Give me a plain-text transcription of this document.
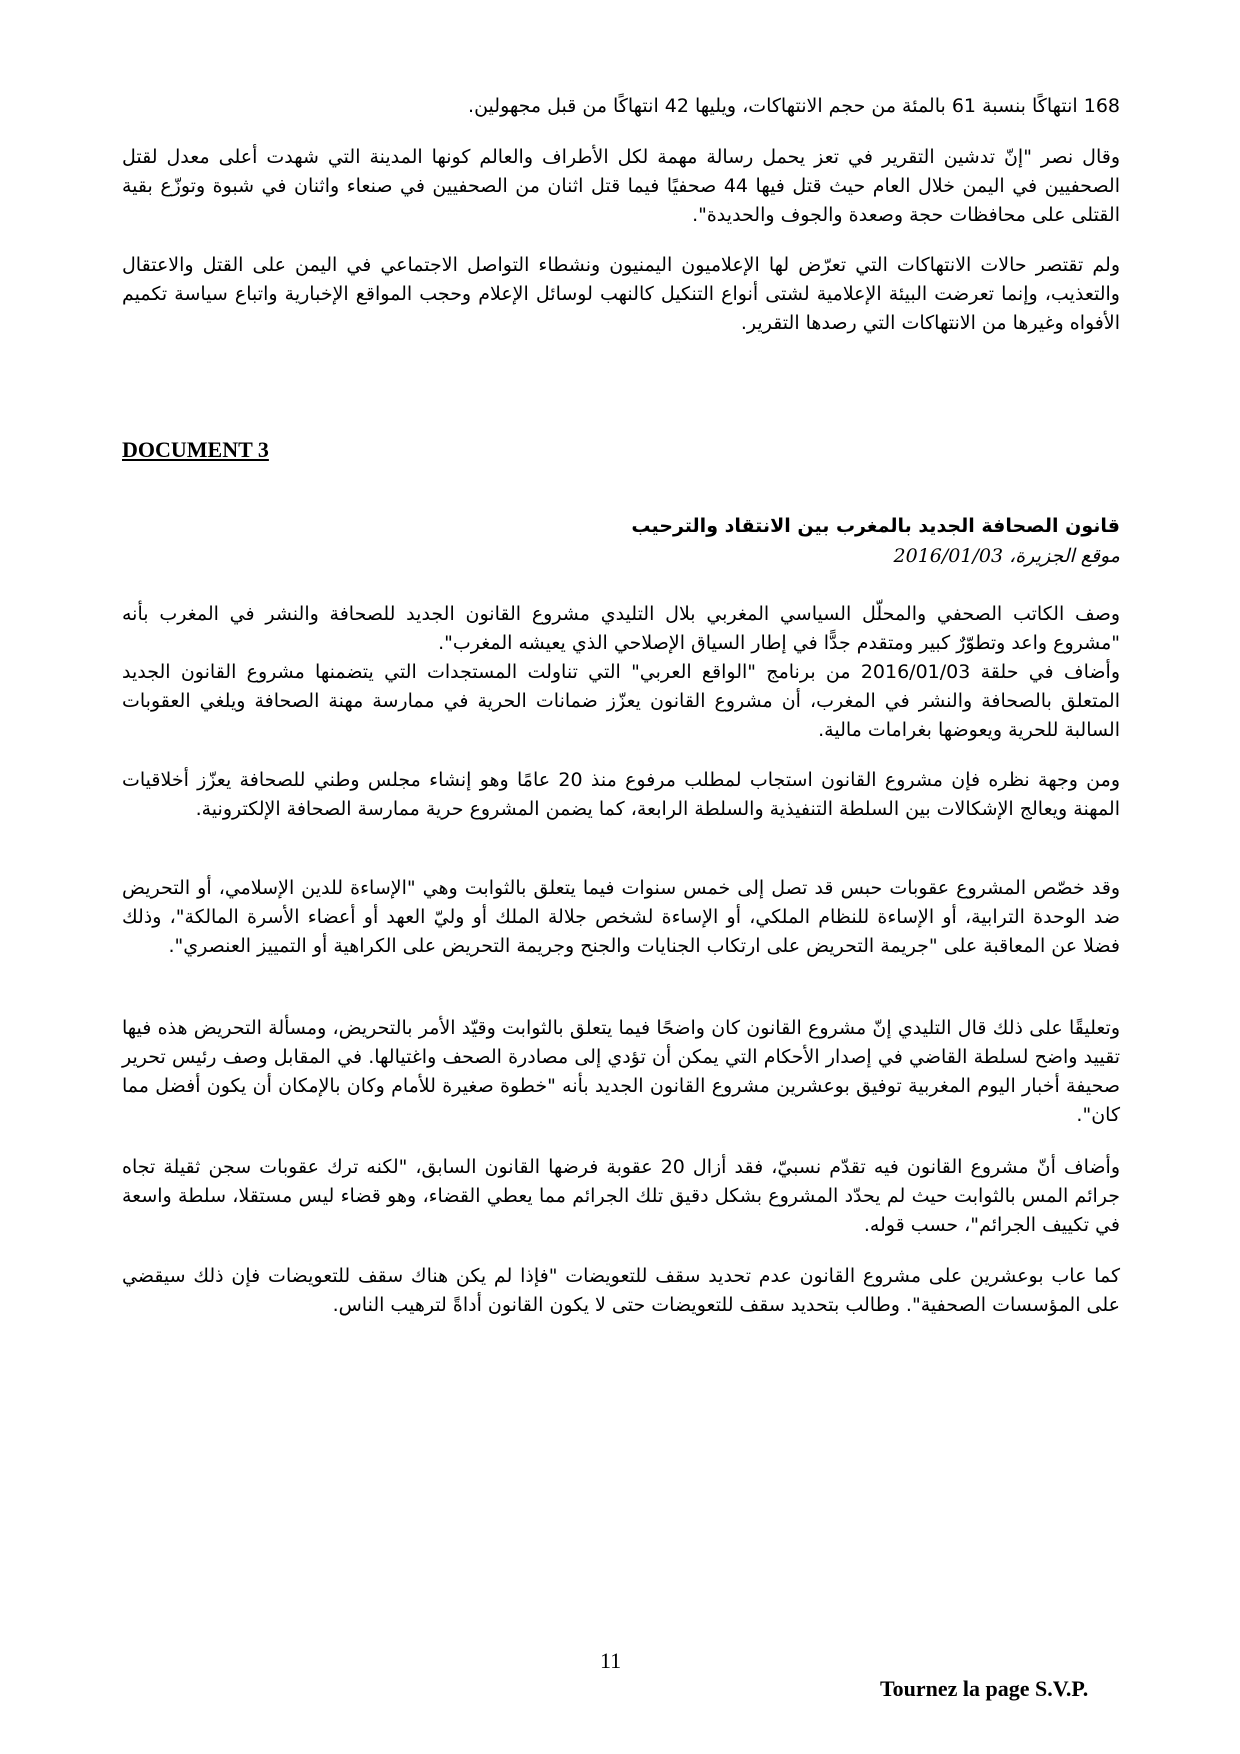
168 انتهاكًا بنسبة 61 بالمئة من حجم الانتهاكات، ويليها 42 انتهاكًا من قبل مجهولين.

وقال نصر "إنّ تدشين التقرير في تعز يحمل رسالة مهمة لكل الأطراف والعالم كونها المدينة التي شهدت أعلى معدل لقتل الصحفيين في اليمن خلال العام حيث قتل فيها 44 صحفيًا فيما قتل اثنان من الصحفيين في صنعاء واثنان في شبوة وتوزّع بقية القتلى على محافظات حجة وصعدة والجوف والحديدة".

ولم تقتصر حالات الانتهاكات التي تعرّض لها الإعلاميون اليمنيون ونشطاء التواصل الاجتماعي في اليمن على القتل والاعتقال والتعذيب، وإنما تعرضت البيئة الإعلامية لشتى أنواع التنكيل كالنهب لوسائل الإعلام وحجب المواقع الإخبارية واتباع سياسة تكميم الأفواه وغيرها من الانتهاكات التي رصدها التقرير.

DOCUMENT 3

قانون الصحافة الجديد بالمغرب بين الانتقاد والترحيب

موقع الجزيرة، 2016/01/03

وصف الكاتب الصحفي والمحلّل السياسي المغربي بلال التليدي مشروع القانون الجديد للصحافة والنشر في المغرب بأنه "مشروع واعد وتطوّرٌ كبير ومتقدم جدًّا في إطار السياق الإصلاحي الذي يعيشه المغرب".

وأضاف في حلقة 2016/01/03 من برنامج "الواقع العربي" التي تناولت المستجدات التي يتضمنها مشروع القانون الجديد المتعلق بالصحافة والنشر في المغرب، أن مشروع القانون يعزّز ضمانات الحرية في ممارسة مهنة الصحافة ويلغي العقوبات السالبة للحرية ويعوضها بغرامات مالية.

ومن وجهة نظره فإن مشروع القانون استجاب لمطلب مرفوع منذ 20 عامًا وهو إنشاء مجلس وطني للصحافة يعزّز أخلاقيات المهنة ويعالج الإشكالات بين السلطة التنفيذية والسلطة الرابعة، كما يضمن المشروع حرية ممارسة الصحافة الإلكترونية.

وقد خصّص المشروع عقوبات حبس قد تصل إلى خمس سنوات فيما يتعلق بالثوابت وهي "الإساءة للدين الإسلامي، أو التحريض ضد الوحدة الترابية، أو الإساءة للنظام الملكي، أو الإساءة لشخص جلالة الملك أو وليّ العهد أو أعضاء الأسرة المالكة"، وذلك فضلا عن المعاقبة على "جريمة التحريض على ارتكاب الجنايات والجنح وجريمة التحريض على الكراهية أو التمييز العنصري".

وتعليقًا على ذلك قال التليدي إنّ مشروع القانون كان واضحًا فيما يتعلق بالثوابت وقيّد الأمر بالتحريض، ومسألة التحريض هذه فيها تقييد واضح لسلطة القاضي في إصدار الأحكام التي يمكن أن تؤدي إلى مصادرة الصحف واغتيالها. في المقابل وصف رئيس تحرير صحيفة أخبار اليوم المغربية توفيق بوعشرين مشروع القانون الجديد بأنه "خطوة صغيرة للأمام وكان بالإمكان أن يكون أفضل مما كان".

وأضاف أنّ مشروع القانون فيه تقدّم نسبيّ، فقد أزال 20 عقوبة فرضها القانون السابق، "لكنه ترك عقوبات سجن ثقيلة تجاه جرائم المس بالثوابت حيث لم يحدّد المشروع بشكل دقيق تلك الجرائم مما يعطي القضاء، وهو قضاء ليس مستقلا، سلطة واسعة في تكييف الجرائم"، حسب قوله.

كما عاب بوعشرين على مشروع القانون عدم تحديد سقف للتعويضات "فإذا لم يكن هناك سقف للتعويضات فإن ذلك سيقضي على المؤسسات الصحفية". وطالب بتحديد سقف للتعويضات حتى لا يكون القانون أداةً لترهيب الناس.

11

Tournez la page S.V.P.
